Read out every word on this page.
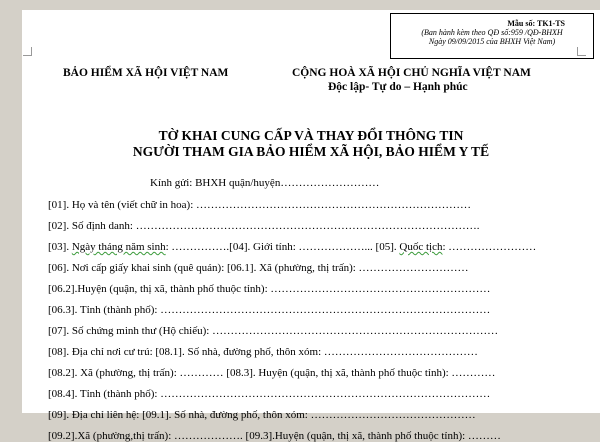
Mẫu số: TK1-TS
(Ban hành kèm theo QĐ số:959 /QĐ-BHXH
Ngày 09/09/2015 của BHXH Việt Nam)
BẢO HIỂM XÃ HỘI VIỆT NAM	CỘNG HOÀ XÃ HỘI CHỦ NGHĨA VIỆT NAM
Độc lập- Tự do – Hạnh phúc
TỜ KHAI CUNG CẤP VÀ THAY ĐỔI THÔNG TIN
NGƯỜI THAM GIA BẢO HIỂM XÃ HỘI, BẢO HIỂM Y TẾ
Kính gửi: BHXH quận/huyện………………………
[01]. Họ và tên (viết chữ in hoa): …………………………………………………………………
[02]. Số định danh: ………………………………………………………………………………….
[03]. Ngày tháng năm sinh: …………….[04]. Giới tính: ………………... [05]. Quốc tịch: ……………………
[06]. Nơi cấp giấy khai sinh (quê quán): [06.1]. Xã (phường, thị trấn): …………………………
[06.2].Huyện (quận, thị xã, thành phố thuộc tỉnh): ……………………………………………………
[06.3]. Tỉnh (thành phố): ………………………………………………………………………………
[07]. Số chứng minh thư (Hộ chiếu): ……………………………………………………………………
[08]. Địa chỉ nơi cư trú: [08.1]. Số nhà, đường phố, thôn xóm: ……………………………………
[08.2]. Xã (phường, thị trấn): ………… [08.3]. Huyện (quận, thị xã, thành phố thuộc tỉnh): …………
[08.4]. Tỉnh (thành phố): ………………………………………………………………………………
[09]. Địa chỉ liên hệ: [09.1]. Số nhà, đường phố, thôn xóm: ………………………………………
[09.2].Xã (phường,thị trấn): ………………. [09.3].Huyện (quận, thị xã, thành phố thuộc tỉnh): ………
